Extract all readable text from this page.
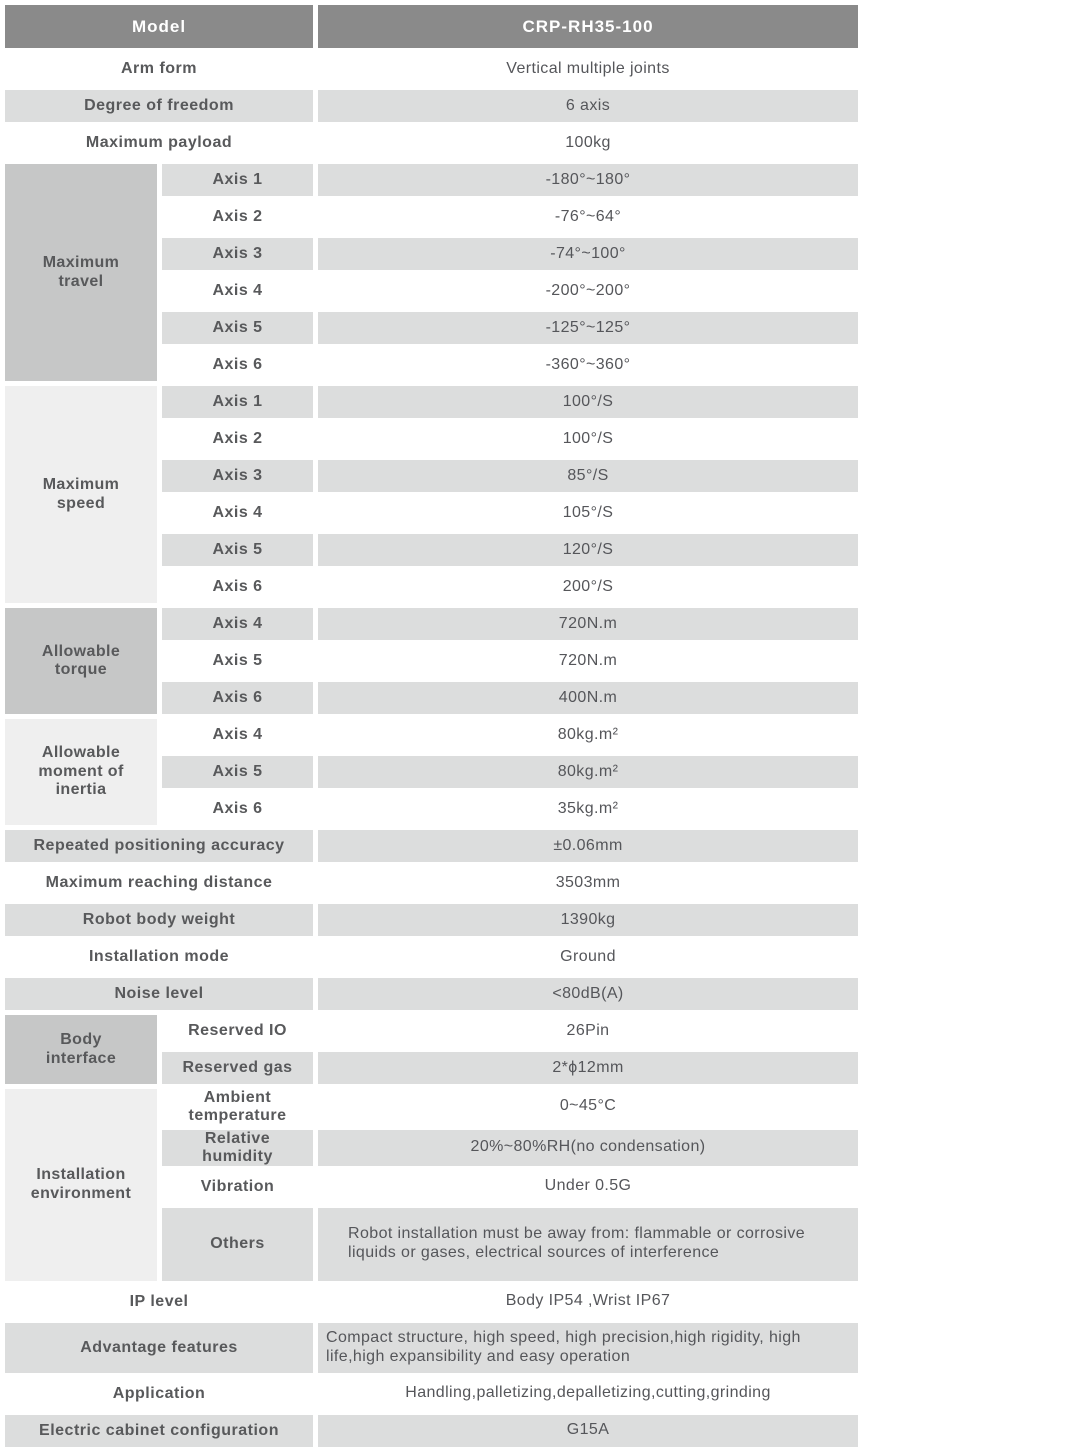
Model		CRP-RH35-100
Arm form		Vertical multiple joints
Degree of freedom		6 axis
Maximum payload		100kg
Maximum travel	Axis 1	-180°~180°
	Axis 2	-76°~64°
	Axis 3	-74°~100°
	Axis 4	-200°~200°
	Axis 5	-125°~125°
	Axis 6	-360°~360°
Maximum speed	Axis 1	100°/S
	Axis 2	100°/S
	Axis 3	85°/S
	Axis 4	105°/S
	Axis 5	120°/S
	Axis 6	200°/S
Allowable torque	Axis 4	720N.m
	Axis 5	720N.m
	Axis 6	400N.m
Allowable moment of inertia	Axis 4	80kg.m²
	Axis 5	80kg.m²
	Axis 6	35kg.m²
Repeated positioning accuracy		±0.06mm
Maximum reaching distance		3503mm
Robot body weight		1390kg
Installation mode		Ground
Noise level		<80dB(A)
Body interface	Reserved IO	26Pin
	Reserved gas	2*ϕ12mm
Installation environment	Ambient temperature	0~45°C
	Relative humidity	20%~80%RH(no condensation)
	Vibration	Under 0.5G
	Others	Robot installation must be away from: flammable or corrosive liquids or gases, electrical sources of interference
IP level		Body IP54 ,Wrist IP67
Advantage features		Compact structure, high speed, high precision,high rigidity, high life,high expansibility and easy operation
Application		Handling,palletizing,depalletizing,cutting,grinding
Electric cabinet configuration		G15A
